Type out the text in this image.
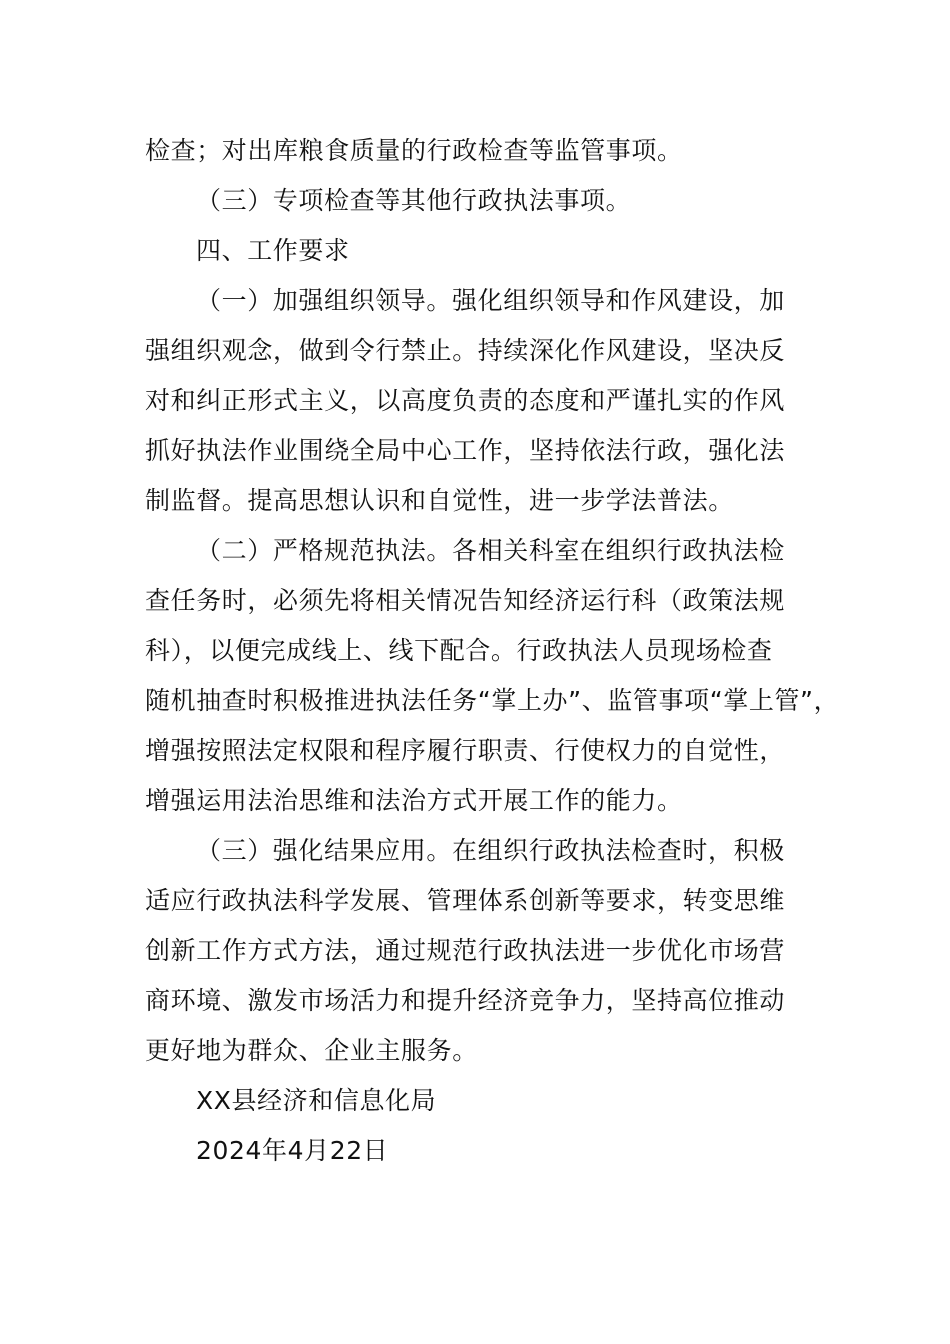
检查；对出库粮食质量的行政检查等监管事项。
（三）专项检查等其他行政执法事项。
四、工作要求
（一）加强组织领导。强化组织领导和作风建设，加
强组织观念，做到令行禁止。持续深化作风建设，坚决反
对和纠正形式主义，以高度负责的态度和严谨扎实的作风
抓好执法作业围绕全局中心工作，坚持依法行政，强化法
制监督。提高思想认识和自觉性，进一步学法普法。
（二）严格规范执法。各相关科室在组织行政执法检
查任务时，必须先将相关情况告知经济运行科（政策法规
科），以便完成线上、线下配合。行政执法人员现场检查
随机抽查时积极推进执法任务“掌上办”、监管事项“掌上管”，
增强按照法定权限和程序履行职责、行使权力的自觉性，
增强运用法治思维和法治方式开展工作的能力。
（三）强化结果应用。在组织行政执法检查时，积极
适应行政执法科学发展、管理体系创新等要求，转变思维
创新工作方式方法，通过规范行政执法进一步优化市场营
商环境、激发市场活力和提升经济竞争力，坚持高位推动
更好地为群众、企业主服务。
XX县经济和信息化局
2024年4月22日
